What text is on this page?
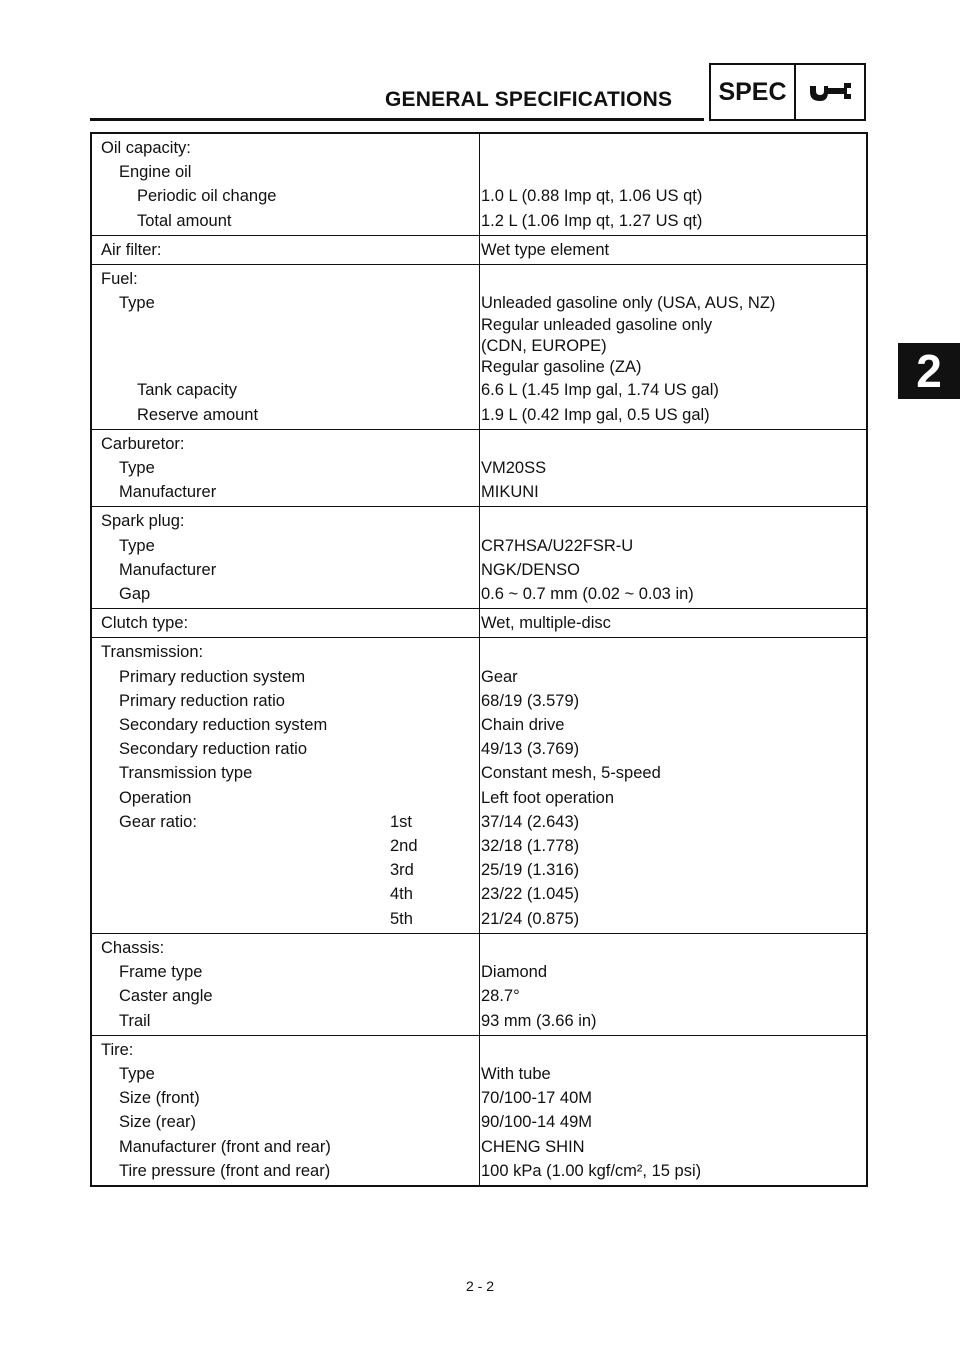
GENERAL SPECIFICATIONS SPEC
2
Oil capacity:
Engine oil
Periodic oil change	1.0 L (0.88 Imp qt, 1.06 US qt)
Total amount	1.2 L (1.06 Imp qt, 1.27 US qt)
Air filter:	Wet type element
Fuel:
Type	Unleaded gasoline only (USA, AUS, NZ)
Regular unleaded gasoline only
(CDN, EUROPE)
Regular gasoline (ZA)
Tank capacity	6.6 L (1.45 Imp gal, 1.74 US gal)
Reserve amount	1.9 L (0.42 Imp gal, 0.5 US gal)
Carburetor:
Type	VM20SS
Manufacturer	MIKUNI
Spark plug:
Type	CR7HSA/U22FSR-U
Manufacturer	NGK/DENSO
Gap	0.6 ~ 0.7 mm (0.02 ~ 0.03 in)
Clutch type:	Wet, multiple-disc
Transmission:
Primary reduction system	Gear
Primary reduction ratio	68/19 (3.579)
Secondary reduction system	Chain drive
Secondary reduction ratio	49/13 (3.769)
Transmission type	Constant mesh, 5-speed
Operation	Left foot operation
Gear ratio:	1st	37/14 (2.643)
2nd	32/18 (1.778)
3rd	25/19 (1.316)
4th	23/22 (1.045)
5th	21/24 (0.875)
Chassis:
Frame type	Diamond
Caster angle	28.7°
Trail	93 mm (3.66 in)
Tire:
Type	With tube
Size (front)	70/100-17 40M
Size (rear)	90/100-14 49M
Manufacturer (front and rear)	CHENG SHIN
Tire pressure (front and rear)	100 kPa (1.00 kgf/cm², 15 psi)
2 - 2
